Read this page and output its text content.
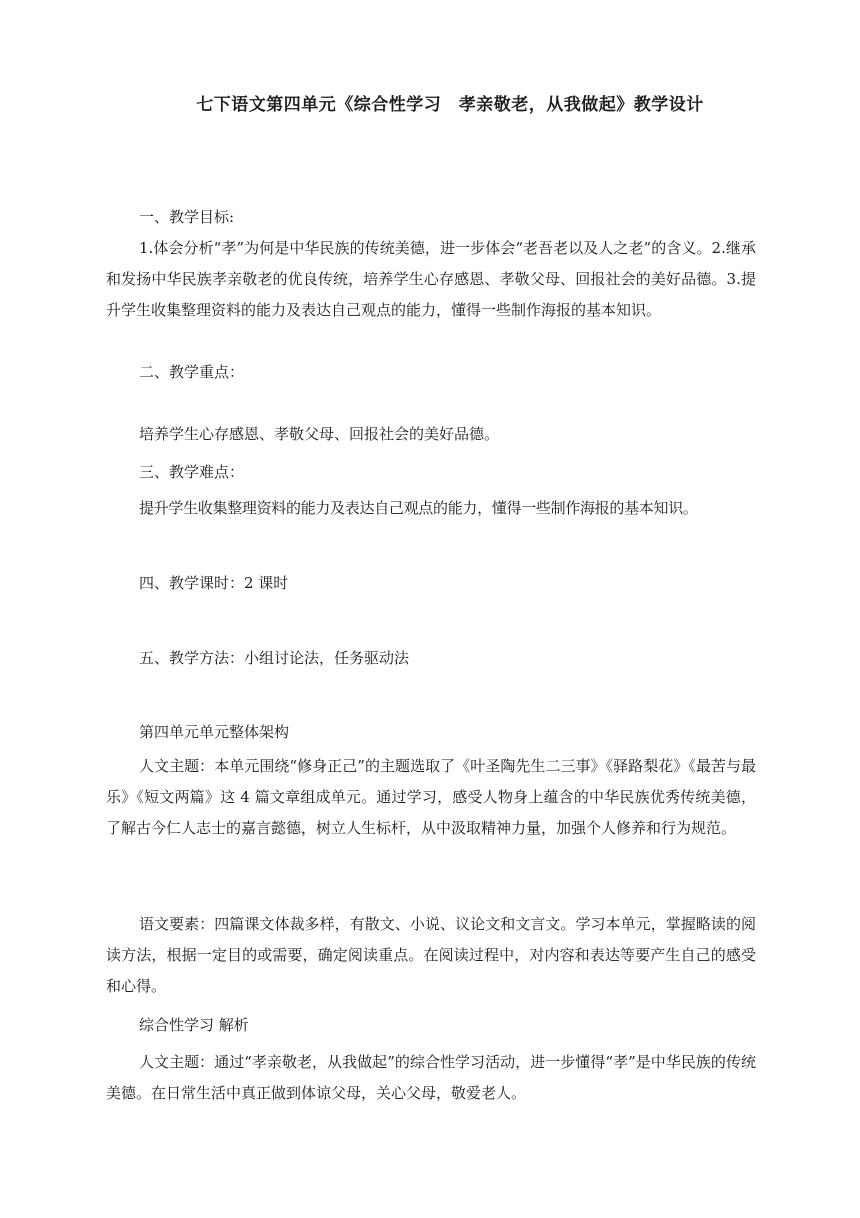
七下语文第四单元《综合性学习　孝亲敬老，从我做起》教学设计

一、教学目标:

1.体会分析“孝”为何是中华民族的传统美德，进一步体会“老吾老以及人之老”的含义。2.继承和发扬中华民族孝亲敬老的优良传统，培养学生心存感恩、孝敬父母、回报社会的美好品德。3.提升学生收集整理资料的能力及表达自己观点的能力，懂得一些制作海报的基本知识。

二、教学重点：

培养学生心存感恩、孝敬父母、回报社会的美好品德。

三、教学难点：

提升学生收集整理资料的能力及表达自己观点的能力，懂得一些制作海报的基本知识。

四、教学课时：2 课时

五、教学方法：小组讨论法，任务驱动法

第四单元单元整体架构

人文主题：本单元围绕“修身正己”的主题选取了《叶圣陶先生二三事》《驿路梨花》《最苦与最乐》《短文两篇》这 4 篇文章组成单元。通过学习，感受人物身上蕴含的中华民族优秀传统美德，了解古今仁人志士的嘉言懿德，树立人生标杆，从中汲取精神力量，加强个人修养和行为规范。

语文要素：四篇课文体裁多样，有散文、小说、议论文和文言文。学习本单元，掌握略读的阅读方法，根据一定目的或需要，确定阅读重点。在阅读过程中，对内容和表达等要产生自己的感受和心得。

综合性学习 解析

人文主题：通过“孝亲敬老，从我做起”的综合性学习活动，进一步懂得“孝”是中华民族的传统美德。在日常生活中真正做到体谅父母，关心父母，敬爱老人。
